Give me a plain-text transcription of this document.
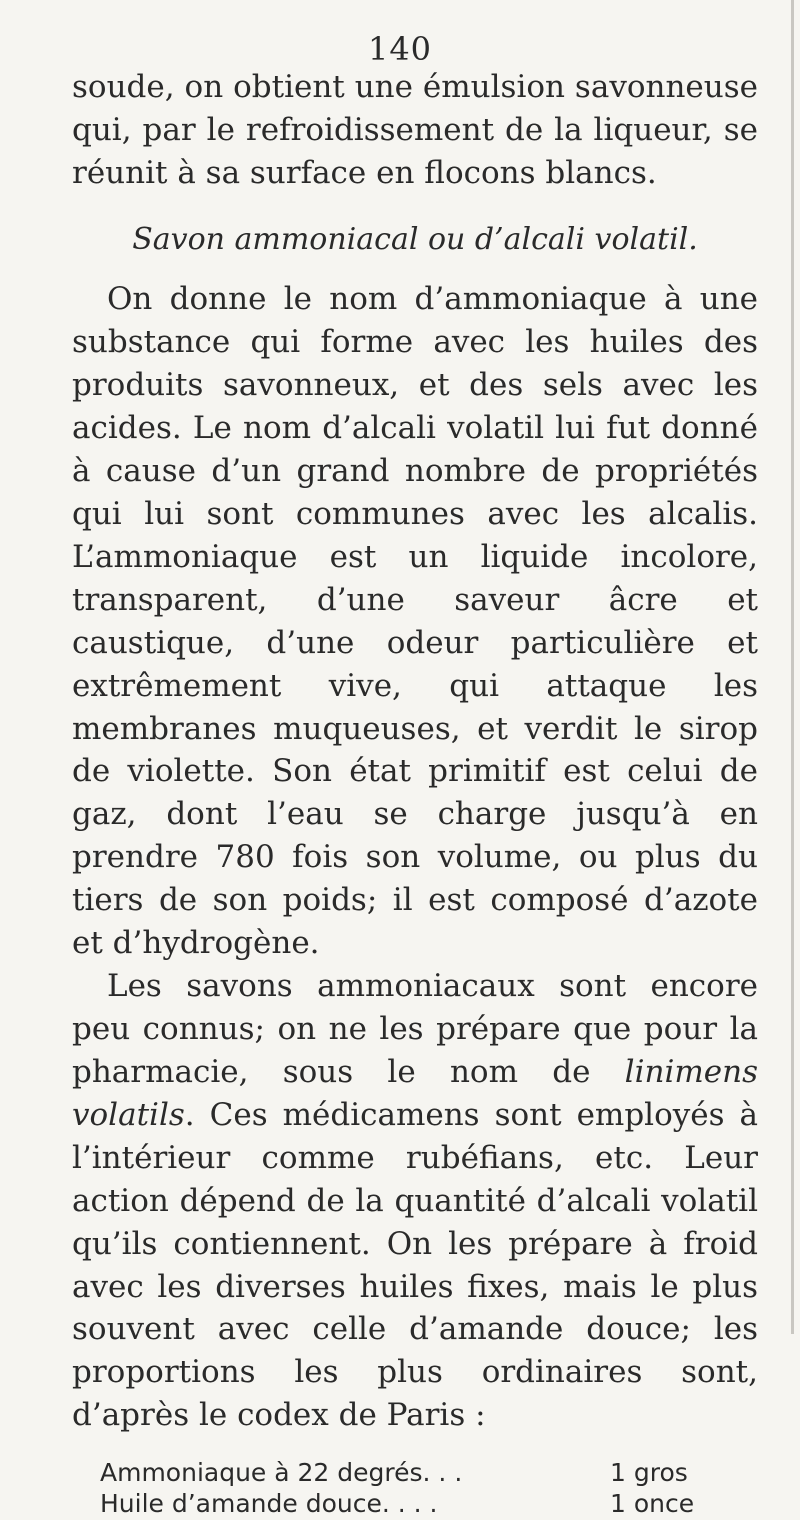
140

soude, on obtient une émulsion savonneuse qui, par le refroidissement de la liqueur, se réunit à sa surface en flocons blancs.

Savon ammoniacal ou d’alcali volatil.

On donne le nom d’ammoniaque à une substance qui forme avec les huiles des produits savonneux, et des sels avec les acides. Le nom d’alcali volatil lui fut donné à cause d’un grand nombre de propriétés qui lui sont communes avec les alcalis. L’ammoniaque est un liquide incolore, transparent, d’une saveur âcre et caustique, d’une odeur particulière et extrêmement vive, qui attaque les membranes muqueuses, et verdit le sirop de violette. Son état primitif est celui de gaz, dont l’eau se charge jusqu’à en prendre 780 fois son volume, ou plus du tiers de son poids; il est composé d’azote et d’hydrogène.

Les savons ammoniacaux sont encore peu connus; on ne les prépare que pour la pharmacie, sous le nom de linimens volatils. Ces médicamens sont employés à l’intérieur comme rubéfians, etc. Leur action dépend de la quantité d’alcali volatil qu’ils contiennent. On les prépare à froid avec les diverses huiles fixes, mais le plus souvent avec celle d’amande douce; les proportions les plus ordinaires sont, d’après le codex de Paris :

Ammoniaque à 22 degrés. . .	1 gros
Huile d’amande douce. . . .	1 once
